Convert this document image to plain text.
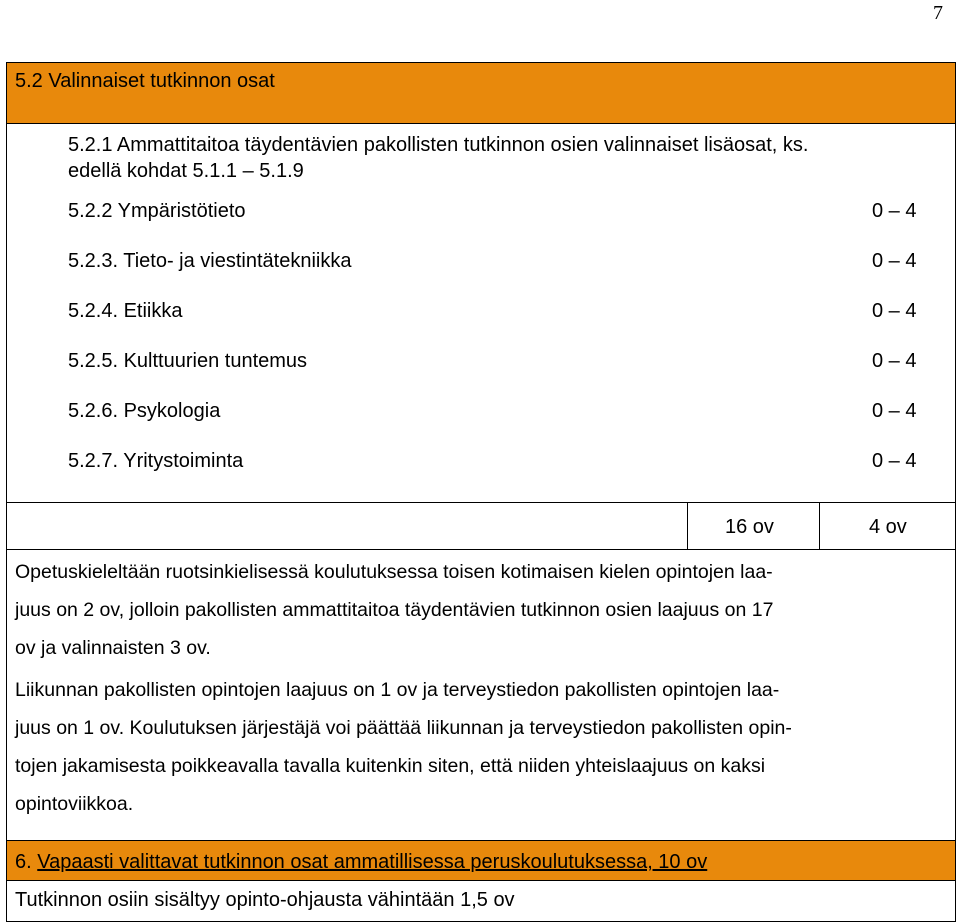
7
5.2 Valinnaiset tutkinnon osat
5.2.1 Ammattitaitoa täydentävien pakollisten tutkinnon osien valinnaiset lisäosat, ks.
edellä kohdat 5.1.1 – 5.1.9
5.2.2 Ympäristötieto	0 – 4
5.2.3. Tieto- ja viestintätekniikka	0 – 4
5.2.4. Etiikka	0 – 4
5.2.5. Kulttuurien tuntemus	0 – 4
5.2.6. Psykologia	0 – 4
5.2.7. Yritystoiminta	0 – 4
16 ov	4 ov
Opetuskieleltään ruotsinkielisessä koulutuksessa toisen kotimaisen kielen opintojen laa-
juus on 2 ov, jolloin pakollisten ammattitaitoa täydentävien tutkinnon osien laajuus on 17
ov ja valinnaisten 3 ov.
Liikunnan pakollisten opintojen laajuus on 1 ov ja terveystiedon pakollisten opintojen laa-
juus on 1 ov. Koulutuksen järjestäjä voi päättää liikunnan ja terveystiedon pakollisten opin-
tojen jakamisesta poikkeavalla tavalla kuitenkin siten, että niiden yhteislaajuus on kaksi
opintoviikkoa.
6. Vapaasti valittavat tutkinnon osat ammatillisessa peruskoulutuksessa, 10 ov
Tutkinnon osiin sisältyy opinto-ohjausta vähintään 1,5 ov
